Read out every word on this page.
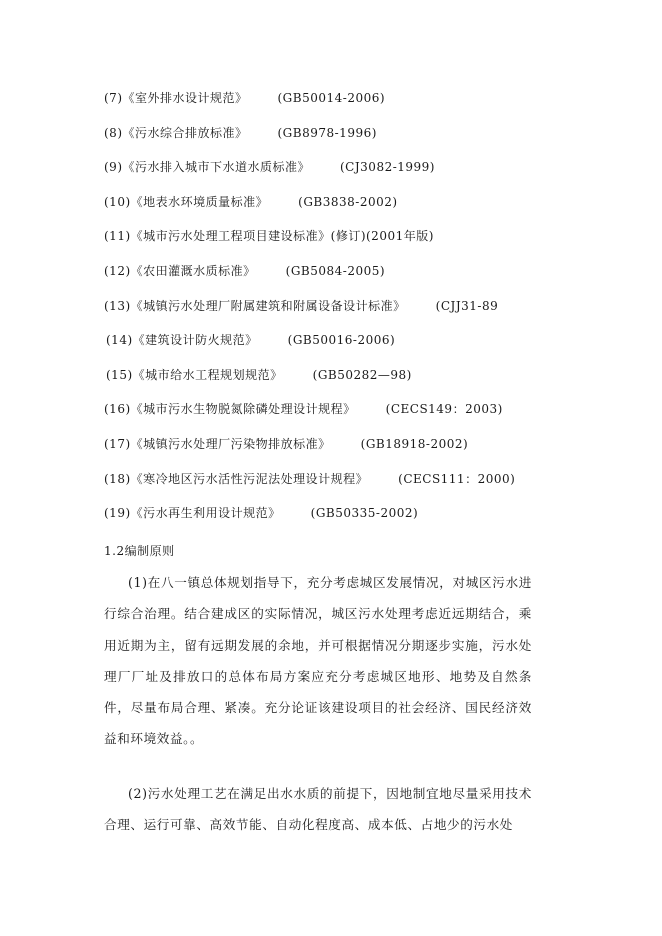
(7)《室外排水设计规范》	(GB50014-2006)
(8)《污水综合排放标准》	(GB8978-1996)
(9)《污水排入城市下水道水质标准》	(CJ3082-1999)
(10)《地表水环境质量标准》	(GB3838-2002)
(11)《城市污水处理工程项目建设标准》(修订)(2001年版)
(12)《农田灌溉水质标准》	(GB5084-2005)
(13)《城镇污水处理厂附属建筑和附属设备设计标准》	(CJJ31-89
(14)《建筑设计防火规范》	(GB50016-2006)
(15)《城市给水工程规划规范》	(GB50282—98)
(16)《城市污水生物脱氮除磷处理设计规程》	(CECS149：2003)
(17)《城镇污水处理厂污染物排放标准》	(GB18918-2002)
(18)《寒冷地区污水活性污泥法处理设计规程》	(CECS111：2000)
(19)《污水再生利用设计规范》	(GB50335-2002)
1.2编制原则

(1)在八一镇总体规划指导下，充分考虑城区发展情况，对城区污水进行综合治理。结合建成区的实际情况，城区污水处理考虑近远期结合，乘用近期为主，留有远期发展的余地，并可根据情况分期逐步实施，污水处理厂厂址及排放口的总体布局方案应充分考虑城区地形、地势及自然条件，尽量布局合理、紧凑。充分论证该建设项目的社会经济、国民经济效益和环境效益。。

(2)污水处理工艺在满足出水水质的前提下，因地制宜地尽量采用技术合理、运行可靠、高效节能、自动化程度高、成本低、占地少的污水处
